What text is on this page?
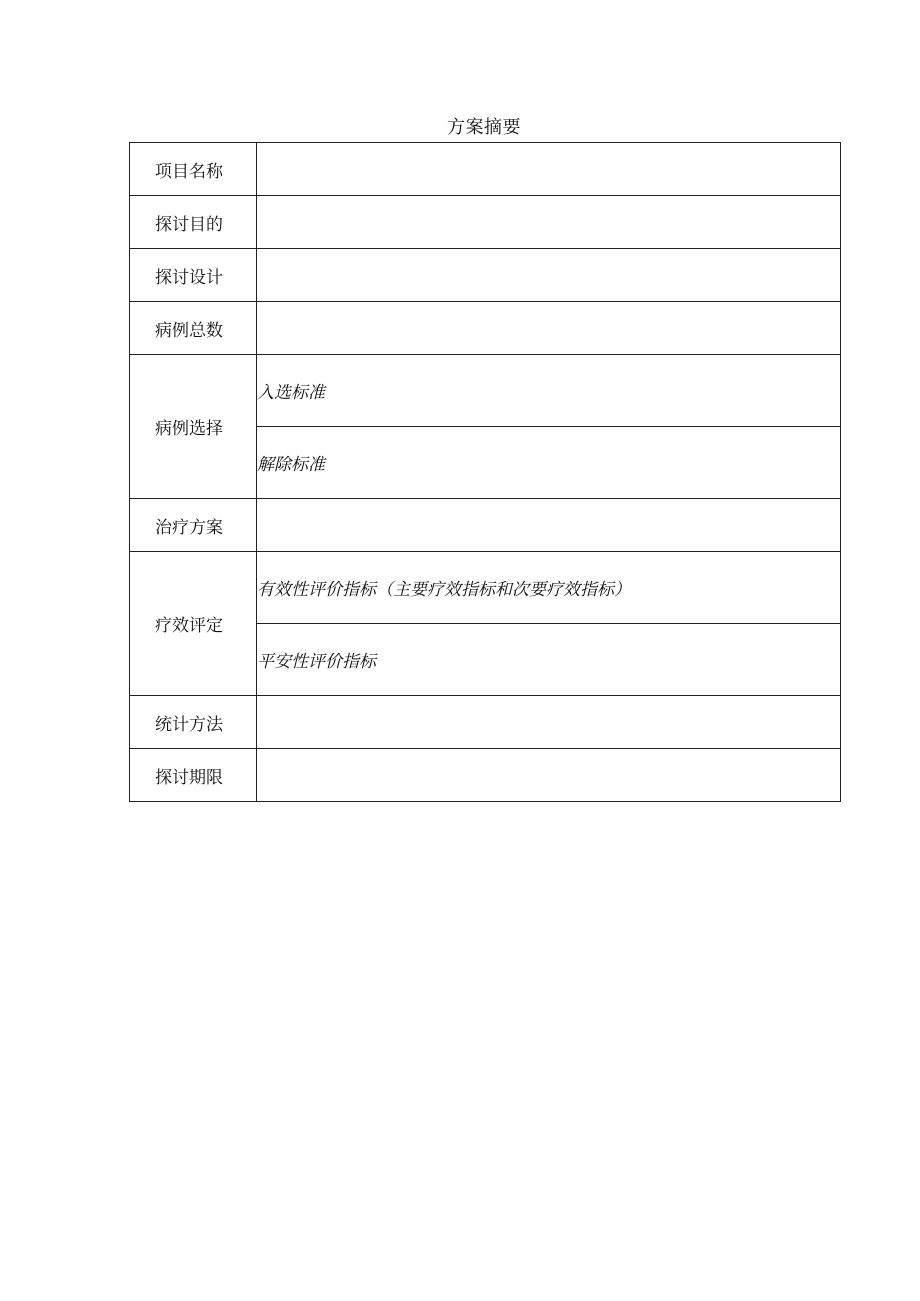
方案摘要
项目名称	
探讨目的	
探讨设计	
病例总数	
病例选择	入选标准
	解除标准
治疗方案	
疗效评定	有效性评价指标（主要疗效指标和次要疗效指标）
	平安性评价指标
统计方法	
探讨期限	
